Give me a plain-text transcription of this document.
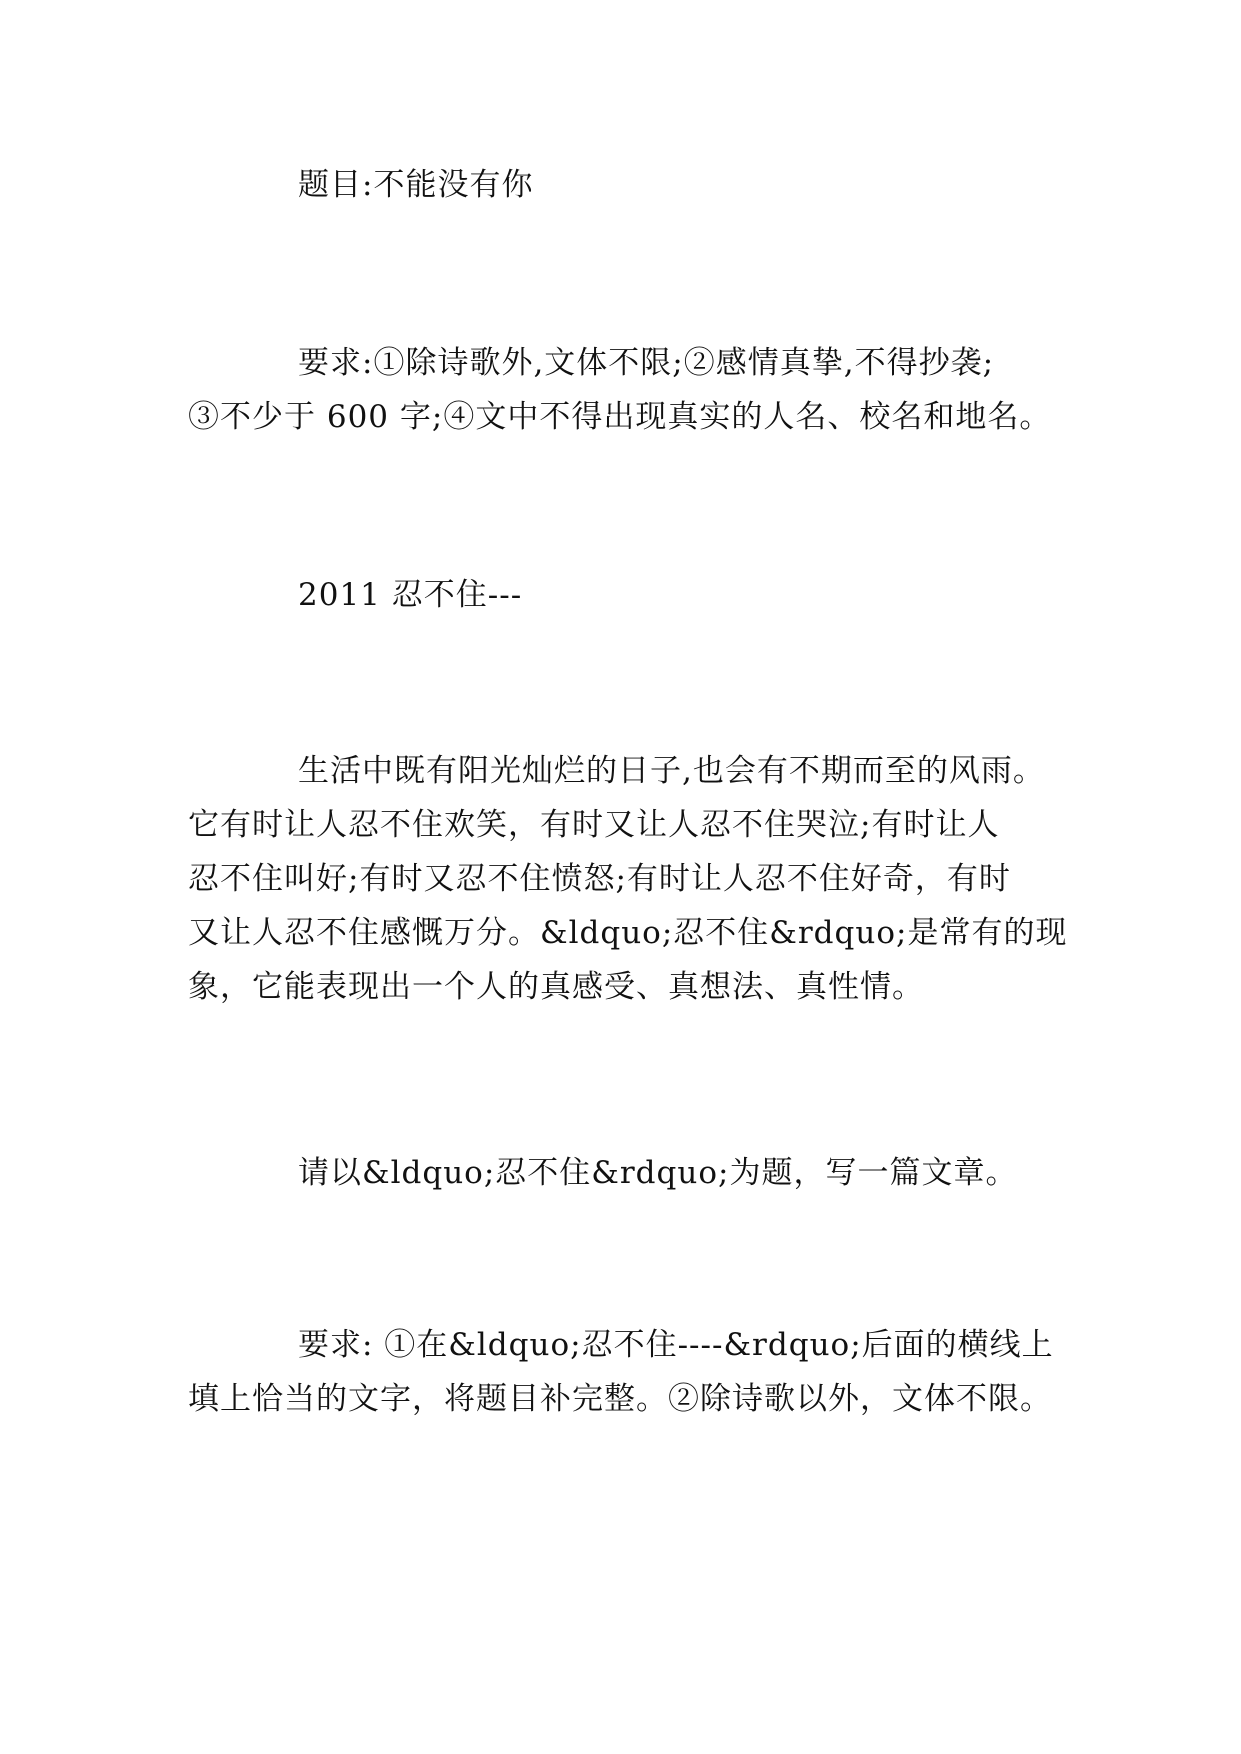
题目:不能没有你
要求:①除诗歌外,文体不限;②感情真挚,不得抄袭;
③不少于 600 字;④文中不得出现真实的人名、校名和地名。
2011 忍不住---
生活中既有阳光灿烂的日子,也会有不期而至的风雨。
它有时让人忍不住欢笑，有时又让人忍不住哭泣;有时让人
忍不住叫好;有时又忍不住愤怒;有时让人忍不住好奇，有时
又让人忍不住感慨万分。&ldquo;忍不住&rdquo;是常有的现
象，它能表现出一个人的真感受、真想法、真性情。
请以&ldquo;忍不住&rdquo;为题，写一篇文章。
要求: ①在&ldquo;忍不住----&rdquo;后面的横线上
填上恰当的文字，将题目补完整。②除诗歌以外，文体不限。
